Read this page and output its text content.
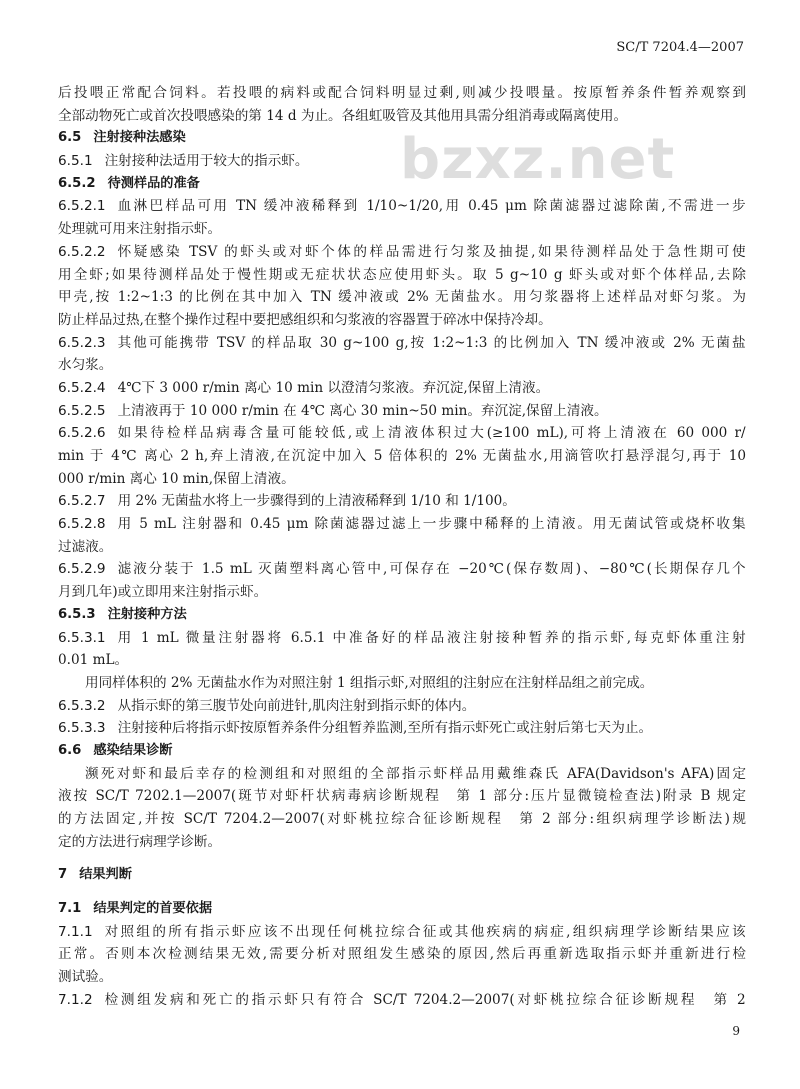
SC/T 7204.4—2007
后投喂正常配合饲料。若投喂的病料或配合饲料明显过剩,则减少投喂量。按原暂养条件暂养观察到
全部动物死亡或首次投喂感染的第 14 d 为止。各组虹吸管及其他用具需分组消毒或隔离使用。
6.5 注射接种法感染
6.5.1 注射接种法适用于较大的指示虾。
6.5.2 待测样品的准备
6.5.2.1 血淋巴样品可用 TN 缓冲液稀释到 1/10~1/20,用 0.45 μm 除菌滤器过滤除菌,不需进一步
处理就可用来注射指示虾。
6.5.2.2 怀疑感染 TSV 的虾头或对虾个体的样品需进行匀浆及抽提,如果待测样品处于急性期可使
用全虾;如果待测样品处于慢性期或无症状状态应使用虾头。取 5 g~10 g 虾头或对虾个体样品,去除
甲壳,按 1:2~1:3 的比例在其中加入 TN 缓冲液或 2% 无菌盐水。用匀浆器将上述样品对虾匀浆。为
防止样品过热,在整个操作过程中要把感组织和匀浆液的容器置于碎冰中保持冷却。
6.5.2.3 其他可能携带 TSV 的样品取 30 g~100 g,按 1:2~1:3 的比例加入 TN 缓冲液或 2% 无菌盐
水匀浆。
6.5.2.4 4℃下 3 000 r/min 离心 10 min 以澄清匀浆液。弃沉淀,保留上清液。
6.5.2.5 上清液再于 10 000 r/min 在 4℃ 离心 30 min~50 min。弃沉淀,保留上清液。
6.5.2.6 如果待检样品病毒含量可能较低,或上清液体积过大(≥100 mL),可将上清液在 60 000 r/
min 于 4℃ 离心 2 h,弃上清液,在沉淀中加入 5 倍体积的 2% 无菌盐水,用滴管吹打悬浮混匀,再于 10
000 r/min 离心 10 min,保留上清液。
6.5.2.7 用 2% 无菌盐水将上一步骤得到的上清液稀释到 1/10 和 1/100。
6.5.2.8 用 5 mL 注射器和 0.45 μm 除菌滤器过滤上一步骤中稀释的上清液。用无菌试管或烧杯收集
过滤液。
6.5.2.9 滤液分装于 1.5 mL 灭菌塑料离心管中,可保存在 −20℃(保存数周)、−80℃(长期保存几个
月到几年)或立即用来注射指示虾。
6.5.3 注射接种方法
6.5.3.1 用 1 mL 微量注射器将 6.5.1 中准备好的样品液注射接种暂养的指示虾,每克虾体重注射
0.01 mL。
用同样体积的 2% 无菌盐水作为对照注射 1 组指示虾,对照组的注射应在注射样品组之前完成。
6.5.3.2 从指示虾的第三腹节处向前进针,肌肉注射到指示虾的体内。
6.5.3.3 注射接种后将指示虾按原暂养条件分组暂养监测,至所有指示虾死亡或注射后第七天为止。
6.6 感染结果诊断
濒死对虾和最后幸存的检测组和对照组的全部指示虾样品用戴维森氏 AFA(Davidson's AFA)固定
液按 SC/T 7202.1—2007(斑节对虾杆状病毒病诊断规程　第 1 部分:压片显微镜检查法)附录 B 规定
的方法固定,并按 SC/T 7204.2—2007(对虾桃拉综合征诊断规程　第 2 部分:组织病理学诊断法)规
定的方法进行病理学诊断。
7 结果判断
7.1 结果判定的首要依据
7.1.1 对照组的所有指示虾应该不出现任何桃拉综合征或其他疾病的病症,组织病理学诊断结果应该
正常。否则本次检测结果无效,需要分析对照组发生感染的原因,然后再重新选取指示虾并重新进行检
测试验。
7.1.2 检测组发病和死亡的指示虾只有符合 SC/T 7204.2—2007(对虾桃拉综合征诊断规程　第 2
bzxz.net
9
